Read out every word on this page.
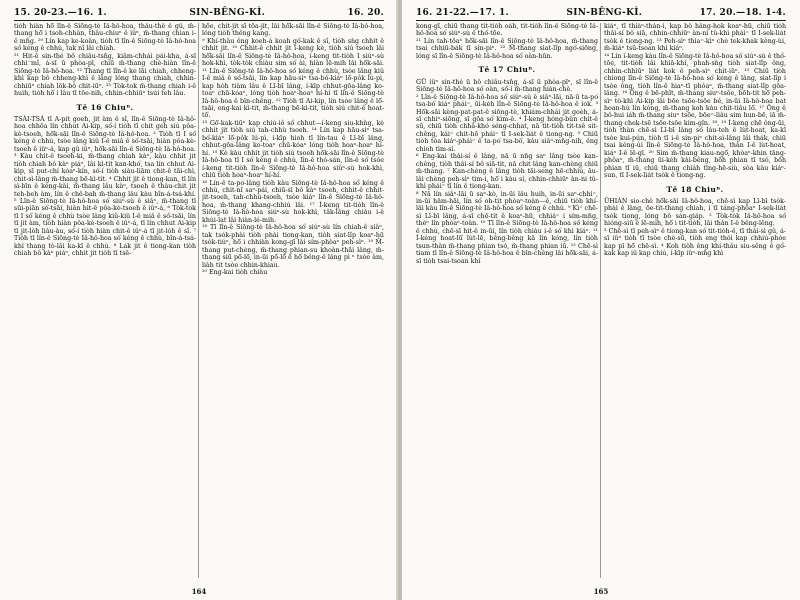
15. 20-23.—16. 1.	SIN-BÊNG-KÌ.	16. 20.

tiòh hiàn hō͘ lîn-ê Siōng-tè Iâ-hô-hoa, thâu-thê ê gû, m̄-thang hō͘ i tsoh-chhân, thâu-chiuⁿ ê iûⁿ, m̄-thang chian i-ê mn̂g. ²⁰ Lín kap ke-koân, tiòh tī lîn-ê Siōng-tè Iâ-hô-hoa só͘ kéng ê chhù, tak nî lâi chiah.

²¹ Hit-ê sin-thé bô chiâu-tsn̂g, kiâm-chhái pái-kha, á-sī chhi⁻mî, á-sī ū phòa-pī, chiū m̄-thang chè-hiàn lîn-ê Siōng-tè Iâ-hô-hoa. ²² Thang tī lîn-ê ke lāi chiah, chheng-khì kap bô chheng-khì ê lâng lóng thang chiah, chhin-chhiūⁿ chiah lôk-bô chit-iūⁿ. ²³ Tòk-tok m̄-thang chiah i-ê huih, tiòh hō͘ i lâu tī tōe-nih, chhin-chhiūⁿ tsúi teh lâu.

Tē 16 Chiuⁿ.

TSÀI-TSÁ tī A-pit goeh, jit àm ê sî, lîn-ê Siōng-tè Iâ-hô-hoa chhōa lín chhut Ai-kip, só͘-í tiòh tī chit geh siú pôa-kè-tsoeh, hō͘k-sāi lîn-ê Siōng-tè Iâ-hô-hoa. ² Tiòh tī I só͘ kéng ê chhù, tsòe lâng kiû I-ê miâ ê só͘-tsāi, hiàn pôa-kè-tsoeh ê iûⁿ-á, kap gû iûⁿ, hō͘k-sāi lîn-ê Siōng-tè Iâ-hô-hoa. ³ Kàu chit-ê tsoeh-ki, m̄-thang chiah kàⁿ, kàu chhit jit tiòh chiah bô kàⁿ piáⁿ, lâi kì-tit kan-khó͘, tsa lín chhut Ai-kip, sī put-chí kóaⁿ-kín, só͘-í tiòh siàu-liām chit-ê tāi-chì, chit-sì-lâng m̄-thang bē-kì-tit. ⁴ Chhit jit ê tiong-kan, tī lín sì-bīn ê kéng-kài, m̄-thang lâu kàⁿ, tsoeh ê thâu-chit jit teh-beh àm, lín ê chê-bah m̄-thang lâu kàu bîn-á-tsá-khí. ⁵ Lîn-ê Siōng-tè Iâ-hô-hoa só͘ siúⁿ-sù ê siâⁿ, m̄-thang tī sūi-piān só͘-tsāi, hiàn hit-ê pôa-kè-tsoeh ê iûⁿ-á, ⁶ Tòk-tok tī I só͘ kéng ê chhù tsòe lâng kiû-kiû I-ê miâ ê só͘-tsāi, lín tī jit àm, tiòh hiàn pôa-kè-tsoeh ê iûⁿ-á, tī lín chhut Ai-kip tī jit-lòh liàu-àu, só͘-í tiòh hiàn chit-ê iûⁿ-á tī jit-lòh ê sî. ⁷ Tiòh tī lín-ê Siōng-tè Iâ-hô-hoa só͘ kéng ê chhù, bîn-á-tsá-khí thang tò-lâi ka-kī ê chhù. ⁸ Lák jit ê tiong-kan tiòh chiah bô kàⁿ piáⁿ, chhit jit tiòh tī tsē-

hōe, chit-jit sī tōa-jit, lâi hō͘k-sāi lîn-ê Siōng-tè Iâ-hô-hoa, lóng tiòh thêng kang.

⁹ Khí-thâu êng koeh-á koah gó͘-kak ê sî, tiòh sǹg chhit ê chhit jit. ¹⁰ Chhit-ê chhit jit ī-keng kè, tiòh siú tsoeh lâi hō͘k-sāi lîn-ê Siōng-tè Iâ-hô-hoa, í-keng tit-tiòh I siúⁿ-sù hok-khì, tòk-tòk chiàu sim só͘ ài, hiàn lē-mih lâi hō͘k-sāi. ¹¹ Lîn-ê Siōng-tè Iâ-hô-hoa só͘ kéng ê chhù, tsòe lâng kiû I-ê miâ ê só͘-tsāi, lín kap hāu-siⁿ tsa-bó͘-kiáⁿ lō͘-pôk lú-pì, kap hòh tiàm lâu ê Lī-bī lâng, í-kīp chhut-gōa-lâng ko-toaⁿ chū-kóaⁿ, lóng tiòh hoaⁿ-hoaⁿ hí-hí tī lîn-ê Siōng-tè Iâ-hô-hoa ê bīn-chêng. ¹² Tiòh tī Ai-kip, lín tsòe lâng ê lō͘-tsāi, eng-kai kì-tit, m̄-thang bē-kì-tit, tiòh siú chit-ê hoat-tō͘.

¹³ Gō͘-kak-tiūⁿ kap chiú-iô só͘ chhut—í-keng siu-khǹg, kè chhit jit tiòh siú tah-chhù tsoeh. ¹⁴ Lín kap hāu-siⁿ tsa-bó͘-kiáⁿ lō͘-pôk lú-pì, í-kīp hioh tī lín-tau ê Lī-bī lâng, chhut-gōa-lâng ko-toaⁿ chū-kóaⁿ lóng tiòh hoaⁿ-hoaⁿ hí-hí. ¹⁵ Kè kàu chhit jit tiòh siú tsoeh hō͘k-sāi lîn-ê Siōng-tè Iâ-hô-hoa tī I só͘ kéng ê chhù, lîn-ê thó-sán, lîn-ê só͘ tsòe í-keng tit-tiòh lîn-ê Siōng-tè Iâ-hô-hoa siúⁿ-sù hok-khì, chiū tiòh hoaⁿ-hoaⁿ hí-hí.

¹⁶ Lín-ê ta-po͘-lâng tiòh kàu Siōng-tè Iâ-hô-hoa só͘ kéng ê chhù, chit-nî saⁿ-pái, chiū-sī bô kàⁿ tsoeh, chhit-ê chhit-jit-tsoeh, tah-chhù-tsoeh, tsòe kiáⁿ lîn-ê Siōng-tè Iâ-hô-hoa, m̄-thang khang-chhiú lâi. ¹⁷ Í-keng tit-tiòh lîn-ê Siōng-tè Iâ-hô-hoa siúⁿ-sù hok-khì, tâk-lâng chiàu i-ê khùi-lat lâi hiàn-lé-mih.

¹⁸ Tī lîn-ê Siōng-tè Iâ-hô-hoa só͘ siúⁿ-sù lín chiah-ê siâⁿ, tak tsók-phài tiòh phài tiong-kan, tiòh siat-lîp koaⁿ-hū tsòk-tiúⁿ, hō͘ i chhiàn kong-gī lâi sím-phòaⁿ peh-sìⁿ. ¹⁹ M̄-thang put-chèng, m̄-thang phian-su khoàn-thāi lâng, m̄-thang siū pō͘-lō͘, in-ūi pō͘-lō͘ ē hō͘ bêng-ê lâng pì ⁿ tsòe àm, liàh tit tsòe chhin-khiau.

²⁰ Eng-kai tiòh chiàu

164
16. 21-22.—17. 1.	SIN-BÊNG-KÌ.	17. 20.—18. 1-4.

kong-gī, chiū thang tit-tiòh oáh, tit-tiòh lîn-ê Siōng-tè Iâ-hô-hoa só͘ siúⁿ-sù ê thó͘-tōe.

²¹ Lín tah-tōaⁿ hō͘k-sāi lîn-ê Siōng-tè Iâ-hô-hoa, m̄-thang tsai chhiū-bák tī sin-piⁿ. ²² M̄-thang siat-lîp ngó͘-siōng, lóng sī lîn-ê Siōng-tè Iâ-hô-hoa só͘ oàn-hūn.

Tē 17 Chiuⁿ.

GŪ iûⁿ sin-thé ū bô chiâu-tsn̂g, á-sī ū phòa-pīⁿ, sī lîn-ê Siōng-tè Iâ-hô-hoa só͘ oàn, só͘-í m̄-thang hiàn-chè.

² Lîn-ê Siōng-tè Iâ-hô-hoa só͘ siúⁿ-sù ê siâⁿ-lāi, nā-ū ta-po͘ tsa-bó͘ kiáⁿ phái⁼, ūi-kèh lîn-ê Siōng-tè Iâ-hô-hoa ê iok. ³ Hō͘k-sāi kèng-pat-pat-ê siōng-tè, khiám-chhái jit goèh, á-sī chhiⁿ-siōng, sī gōa só͘ kìm-ê. ⁴ Í-keng hóng-bûn chit-ê sū, chiū tiòh chhâ-khó séng-chhat, nā tit-tiòh tit-tsê sit-chêng, kái⁼ chit-hō phái⁼ tī I-sek-liát ê tiong-ng. ⁵ Chiū tiòh tòa kiáⁿ-phái⁼ ê ta-po͘ tsa-bó͘, kàu siâⁿ-mn̂g-nih, êng chioh tìm-sí.

⁶ Eng-kai thài-sí ê lâng, nā ū nn̄g saⁿ lâng tsòe kan-chèng, tiòh thâi-sí bô siā-tit, nā chit lâng kan-chèng chiū m̄-thang. ⁷ Kan-chèng ê lâng tiòh tāi-seng hē-chhiú, āu-lâi chèng peh-sìⁿ tìm-i, hō͘ i kàu sí, chhin-chhiūⁿ àn-ni tû-khì phái⁼ tī lín ê tiong-kan.

⁸ Nā lín siâⁿ-lāi ū saⁿ-kò, in-ūi lâu huih, in-ūi saⁿ-chhi⁼, in-ūi hām-hāi, lín só͘ oh-tit phòaⁿ-toàn—ê, chiū tiòh khí-lâi kàu lîn-ê Siōng-tè Iâ-hô-hoa só͘ kéng ê chhù. ⁹ Kì⁼ chē-sì Lī-bī lâng, á-sī chē-tit ê koaⁿ-hū, chhiá⁼ i sím-mn̄g, thèⁿ lín phòaⁿ-toàn. ¹⁰ Tī lîn-ê Siōng-tè Iâ-hô-hoa só͘ kéng ê chhù, chē-sī hit-ê in-ūi, lín tiòh chiàu i-ê só͘ khì kiáⁿ. ¹¹ Í-kéng hoat-lū͘ lùt-lē, bêng-bêng kā lín kóng, lín tiòh tsun-thàn m̄-thang phian tsó, m̄-thang phian iū. ¹² Chē-sì tiam tī lîn-ê Siōng-tè Iâ-hô-hoa ê bīn-chêng lâi hō͘k-sāi, á-sī tiòh tsai-tsoan khí

kiáⁿ, tī thiàⁿ-thàn-i, kap bô hâng-hok koaⁿ-hū, chiū tiòh thâi-sí bô siā, chhin-chhiūⁿ àn-ni tû-khì phái⁼ tī I-sek-liát tsòk ê tiong-ng. ¹³ Peh-sìⁿ thia⁼-kìⁿ chè tek-khak kèng-ùi, m̄-kiáⁿ tsū-tsoan khì kiáⁿ.

¹⁴ Lín í-keng kàu lîn-ê Siōng-tè Iâ-hô-hoa só͘ siúⁿ-sù ê thó͘-tōe, tit-tiòh lâi khiā-khí, phah-sǹg tiòh siat-lîp ông, chhin-chhiūⁿ liát kok ê peh-sìⁿ chit-iūⁿ. ¹⁵ Chiū tiòh chiong lîn-ê Siōng-tè Iâ-hô-hoa só͘ kéng ê lâng, siat-lîp i tsòe ông, tiòh lîn-ê hiaⁿ-tī phôaⁿ, m̄-thang siat-lîp gōa-lâng. ¹⁶ Ông ê bē-phīt, m̄-thang siuⁿ-tsōe, bōh-tit hō͘ peh-sìⁿ tò-khì Ai-kip lâi bōe tsōe-tsōe bé, in-ūi Iâ-hô-hoa bat hoan-hù lín kóng, m̄-thang koh kàu chit-tiâu lō͘. ¹⁷ Ông ê bô-hui iáh m̄-thang siuⁿ tsōe, bōe⁼-liâu sim hun-bē, iā m̄-thang chek-tsē tsōe-tsōe kim-gîn. ¹⁸, ¹⁹ Í-keng chē ông-ūi, tiòh thàn chē-sì Lī-bī lâng só͘ láu-teh ê lùt-hoat, ka-kī tsòe kui-pún, tiòh tī i-ê sin-piⁿ chit-sì-lâng lâi thák, chiū tsai kèng-ùi lîn-ê Siōng-tè Iâ-hô-hoa, thàn I-ê lùt-hoat, kiáⁿ I-ê lē-gī. ²⁰ Sim m̄-thang kiau-ngō͘, khòaⁿ-khin tāng-phôaⁿ, m̄-thang ūi-kèh kài-bêng, bōh phian tī tsó, bōh phian tī iū, chiū thang chiáh tīng-hē-siù, sòa kàu kiáⁿ-sun, tī I-sek-liát tsòk ê tiong-ng.

Tē 18 Chiuⁿ.

ÛHIÀN sio-chè hō͘k-sāi Iâ-hô-hoa, chē-sì kap Lī-bī tsòk-phài ê lâng, ōe-tit-thang chiah, í tī táng-phôaⁿ I-sek-liát tsòk tiong, lóng bô sán-giáp. ² Tòk-tòk Iâ-hô-hoa só͘ hióng-siū ê lē-mih, hō͘ i tit-tiòh, lâi thàn I-ê bêng-lêng.

³ Chē-sì tī peh-sìⁿ ê tiong-kan só͘ tit-tiòh-ê, tī thâi-sì gû, á-sī iûⁿ tiòh tī tsòe chè-sū, tiòh eng thói kap chhiú-phóe kap pī hō͘ chē-sì. ⁴ Koh tiòh êng khí-thâu siu-sêng ê gó͘-kak kap iû kap chiú, í-kīp iûⁿ-mn̂g khì

165
